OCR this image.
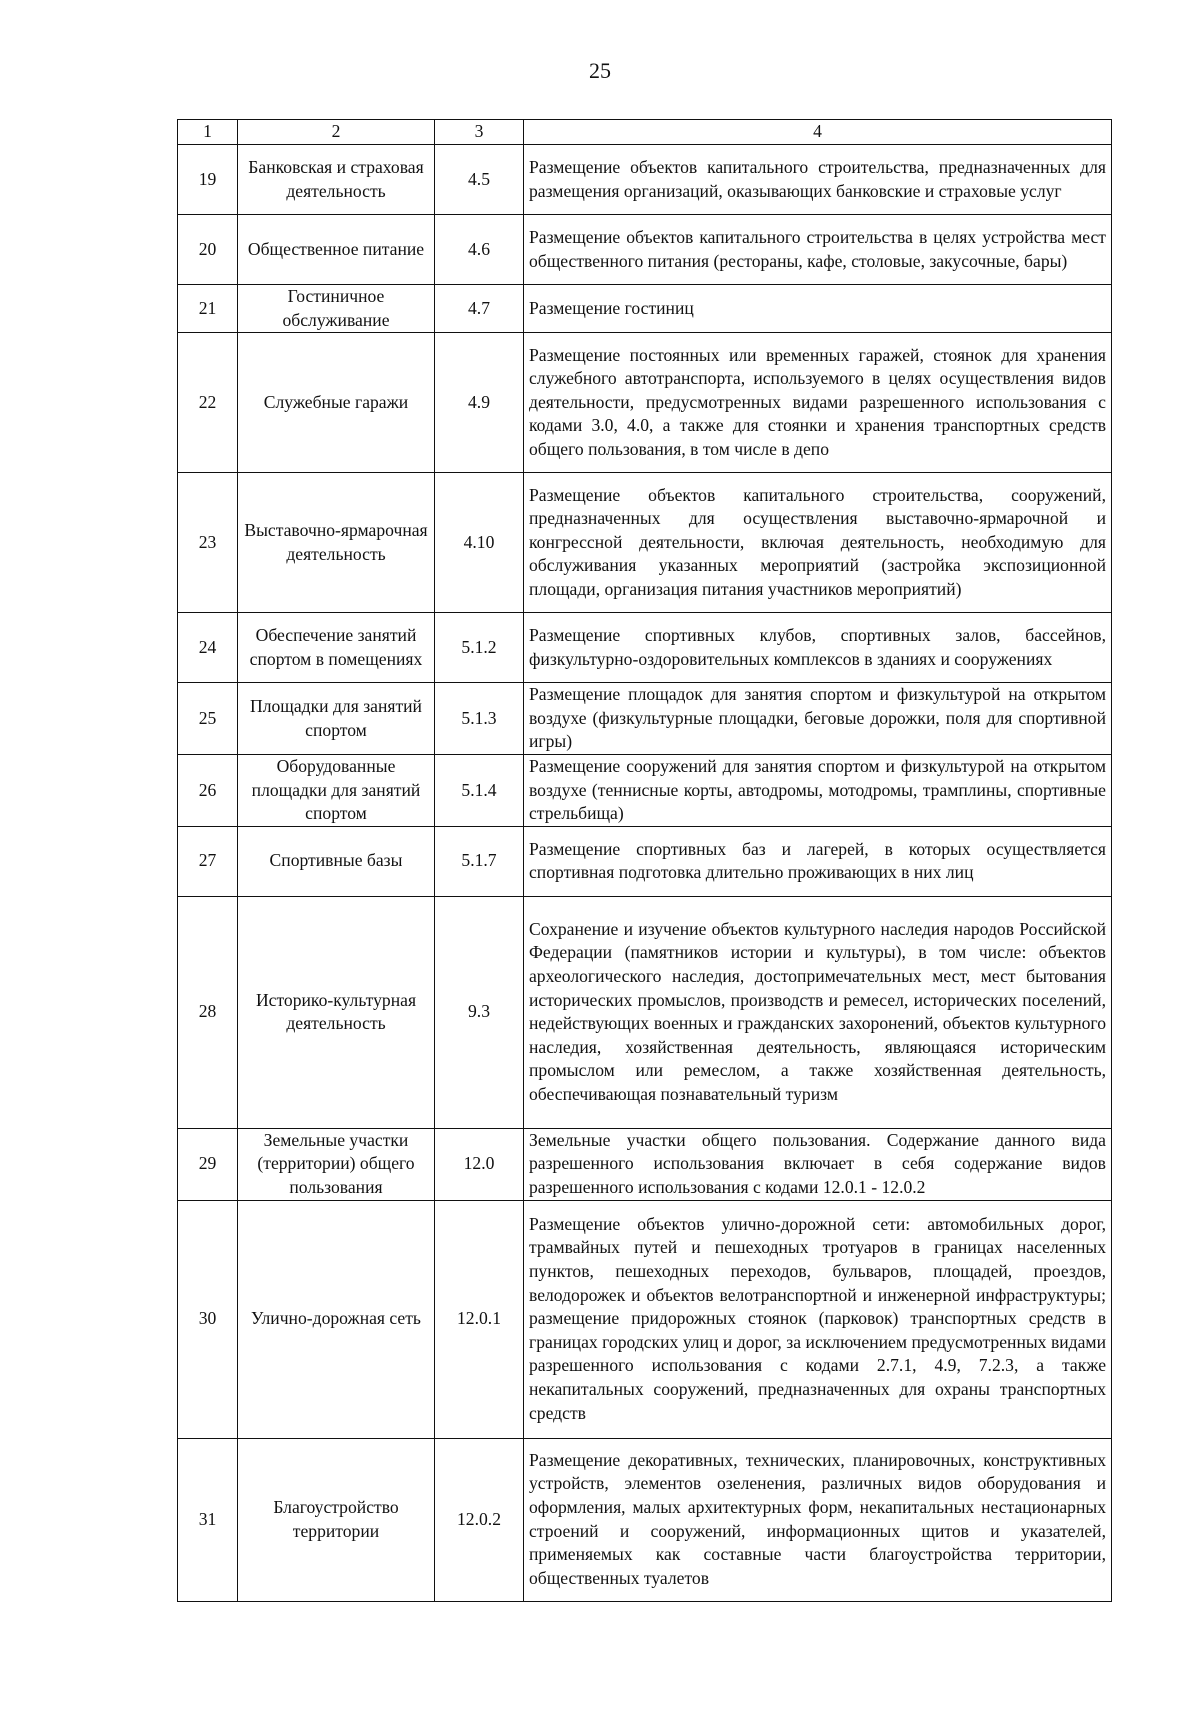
25
1	2	3	4
19	Банковская и страховая деятельность	4.5	Размещение объектов капитального строительства, предназначенных для размещения организаций, оказывающих банковские и страховые услуг
20	Общественное питание	4.6	Размещение объектов капитального строительства в целях устройства мест общественного питания (рестораны, кафе, столовые, закусочные, бары)
21	Гостиничное обслуживание	4.7	Размещение гостиниц
22	Служебные гаражи	4.9	Размещение постоянных или временных гаражей, стоянок для хранения служебного автотранспорта, используемого в целях осуществления видов деятельности, предусмотренных видами разрешенного использования с кодами 3.0, 4.0, а также для стоянки и хранения транспортных средств общего пользования, в том числе в депо
23	Выставочно-ярмарочная деятельность	4.10	Размещение объектов капитального строительства, сооружений, предназначенных для осуществления выставочно-ярмарочной и конгрессной деятельности, включая деятельность, необходимую для обслуживания указанных мероприятий (застройка экспозиционной площади, организация питания участников мероприятий)
24	Обеспечение занятий спортом в помещениях	5.1.2	Размещение спортивных клубов, спортивных залов, бассейнов, физкультурно-оздоровительных комплексов в зданиях и сооружениях
25	Площадки для занятий спортом	5.1.3	Размещение площадок для занятия спортом и физкультурой на открытом воздухе (физкультурные площадки, беговые дорожки, поля для спортивной игры)
26	Оборудованные площадки для занятий спортом	5.1.4	Размещение сооружений для занятия спортом и физкультурой на открытом воздухе (теннисные корты, автодромы, мотодромы, трамплины, спортивные стрельбища)
27	Спортивные базы	5.1.7	Размещение спортивных баз и лагерей, в которых осуществляется спортивная подготовка длительно проживающих в них лиц
28	Историко-культурная деятельность	9.3	Сохранение и изучение объектов культурного наследия народов Российской Федерации (памятников истории и культуры), в том числе: объектов археологического наследия, достопримечательных мест, мест бытования исторических промыслов, производств и ремесел, исторических поселений, недействующих военных и гражданских захоронений, объектов культурного наследия, хозяйственная деятельность, являющаяся историческим промыслом или ремеслом, а также хозяйственная деятельность, обеспечивающая познавательный туризм
29	Земельные участки (территории) общего пользования	12.0	Земельные участки общего пользования. Содержание данного вида разрешенного использования включает в себя содержание видов разрешенного использования с кодами 12.0.1 - 12.0.2
30	Улично-дорожная сеть	12.0.1	Размещение объектов улично-дорожной сети: автомобильных дорог, трамвайных путей и пешеходных тротуаров в границах населенных пунктов, пешеходных переходов, бульваров, площадей, проездов, велодорожек и объектов велотранспортной и инженерной инфраструктуры; размещение придорожных стоянок (парковок) транспортных средств в границах городских улиц и дорог, за исключением предусмотренных видами разрешенного использования с кодами 2.7.1, 4.9, 7.2.3, а также некапитальных сооружений, предназначенных для охраны транспортных средств
31	Благоустройство территории	12.0.2	Размещение декоративных, технических, планировочных, конструктивных устройств, элементов озеленения, различных видов оборудования и оформления, малых архитектурных форм, некапитальных нестационарных строений и сооружений, информационных щитов и указателей, применяемых как составные части благоустройства территории, общественных туалетов
